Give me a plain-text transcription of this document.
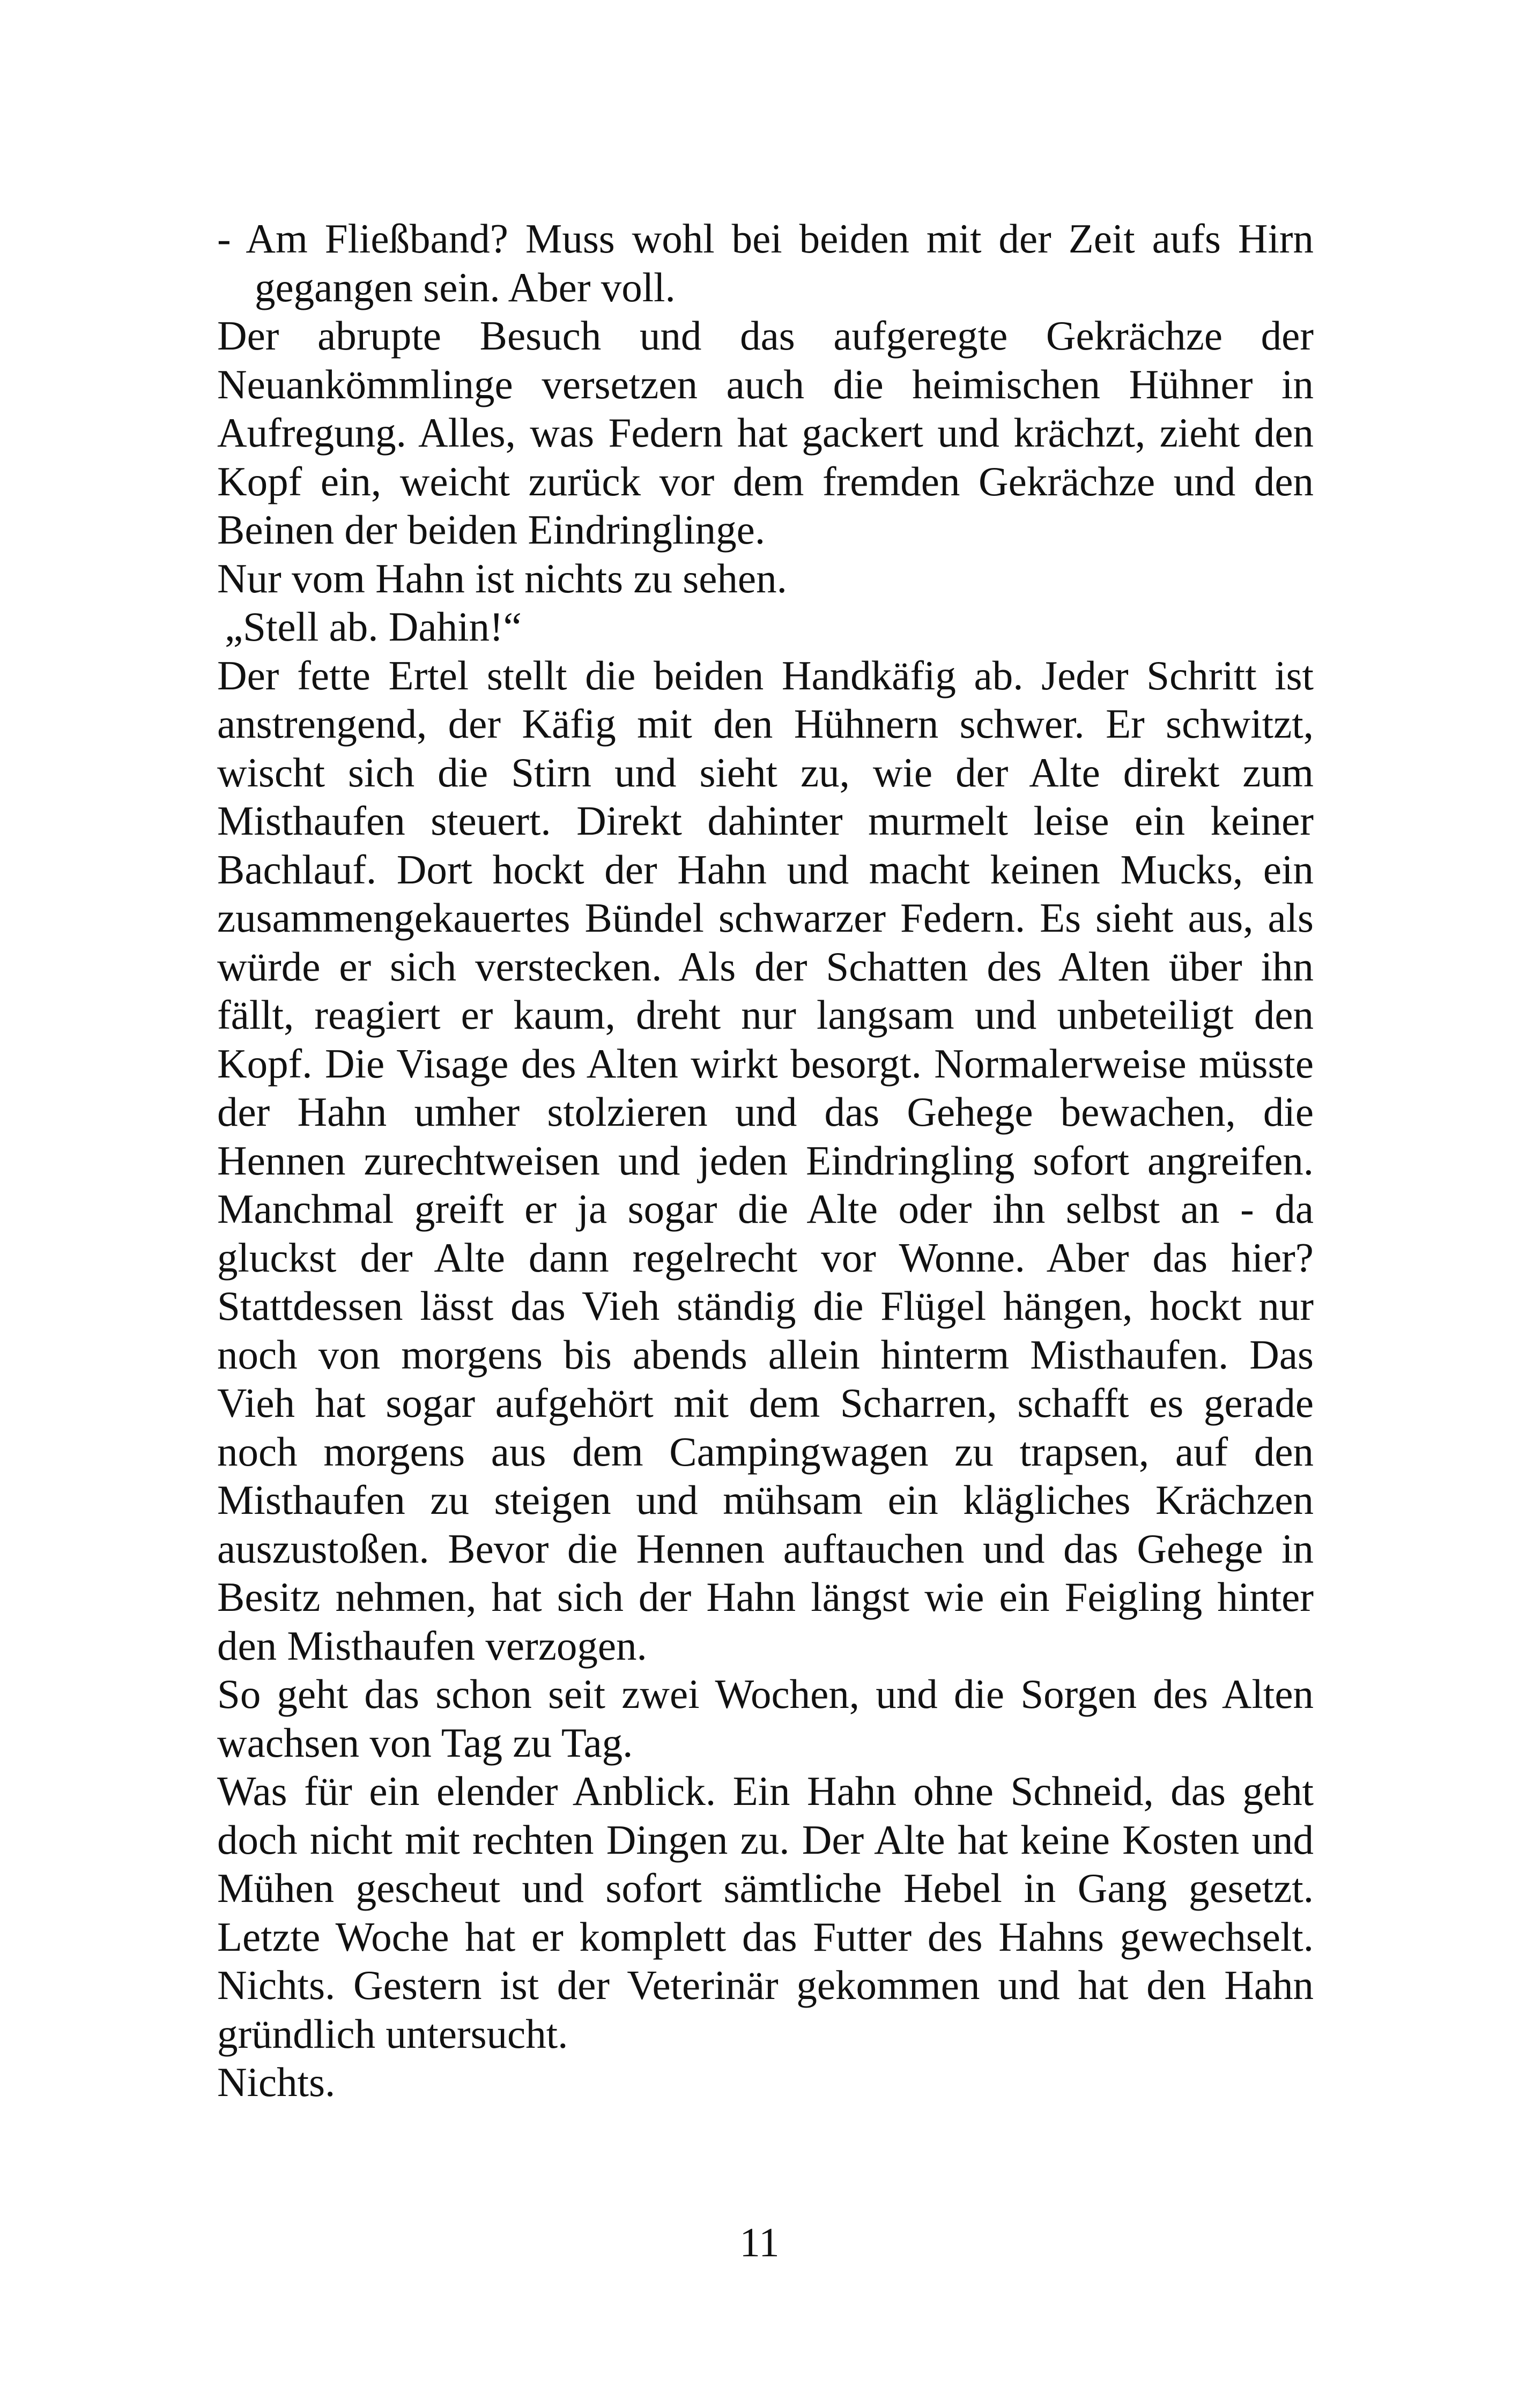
- Am Fließband? Muss wohl bei beiden mit der Zeit aufs Hirn gegangen sein. Aber voll.

Der abrupte Besuch und das aufgeregte Gekrächze der Neuankömmlinge versetzen auch die heimischen Hühner in Aufregung. Alles, was Federn hat gackert und krächzt, zieht den Kopf ein, weicht zurück vor dem fremden Gekrächze und den Beinen der beiden Eindringlinge.

Nur vom Hahn ist nichts zu sehen.

„Stell ab. Dahin!“

Der fette Ertel stellt die beiden Handkäfig ab. Jeder Schritt ist anstrengend, der Käfig mit den Hühnern schwer. Er schwitzt, wischt sich die Stirn und sieht zu, wie der Alte direkt zum Misthaufen steuert. Direkt dahinter murmelt leise ein keiner Bachlauf. Dort hockt der Hahn und macht keinen Mucks, ein zusammengekauertes Bündel schwarzer Federn. Es sieht aus, als würde er sich verstecken. Als der Schatten des Alten über ihn fällt, reagiert er kaum, dreht nur langsam und unbeteiligt den Kopf. Die Visage des Alten wirkt besorgt. Normalerweise müsste der Hahn umher stolzieren und das Gehege bewachen, die Hennen zurechtweisen und jeden Eindringling sofort angreifen. Manchmal greift er ja sogar die Alte oder ihn selbst an - da gluckst der Alte dann regelrecht vor Wonne. Aber das hier? Stattdessen lässt das Vieh ständig die Flügel hängen, hockt nur noch von morgens bis abends allein hinterm Misthaufen. Das Vieh hat sogar aufgehört mit dem Scharren, schafft es gerade noch morgens aus dem Campingwagen zu trapsen, auf den Misthaufen zu steigen und mühsam ein klägliches Krächzen auszustoßen. Bevor die Hennen auftauchen und das Gehege in Besitz nehmen, hat sich der Hahn längst wie ein Feigling hinter den Misthaufen verzogen.

So geht das schon seit zwei Wochen, und die Sorgen des Alten wachsen von Tag zu Tag.

Was für ein elender Anblick. Ein Hahn ohne Schneid, das geht doch nicht mit rechten Dingen zu. Der Alte hat keine Kosten und Mühen gescheut und sofort sämtliche Hebel in Gang gesetzt. Letzte Woche hat er komplett das Futter des Hahns gewechselt. Nichts. Gestern ist der Veterinär gekommen und hat den Hahn gründlich untersucht.

Nichts.

11
